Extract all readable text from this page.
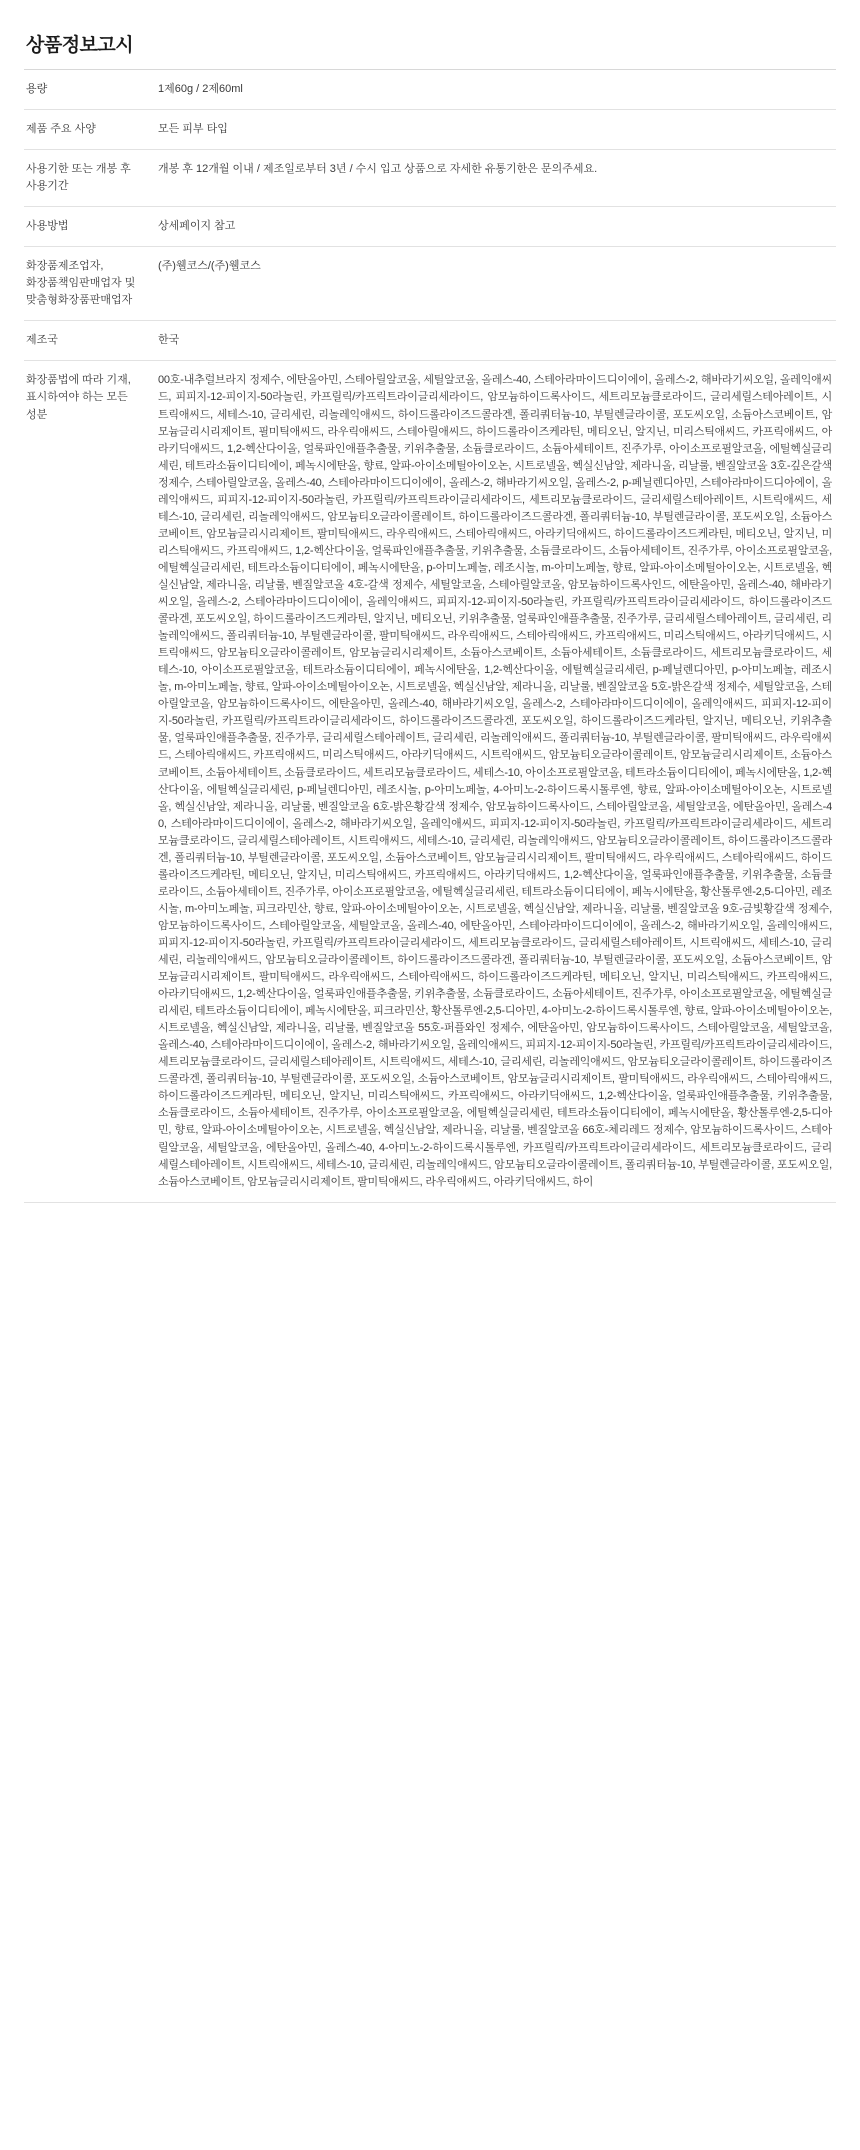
상품정보고시
용량	1제60g / 2제60ml
제품 주요 사양	모든 피부 타입
사용기한 또는 개봉 후 사용기간	개봉 후 12개월 이내 / 제조일로부터 3년 / 수시 입고 상품으로 자세한 유통기한은 문의주세요.
사용방법	상세페이지 참고
화장품제조업자, 화장품책임판매업자 및 맞춤형화장품판매업자	(주)웰코스/(주)웰코스
제조국	한국
화장품법에 따라 기재, 표시하여야 하는 모든 성분	00호-내추럴브라지 정제수, 에탄올아민, 스테아릴알코올, 세틸알코올, 올레스-40, 스테아라마이드디이에이, 올레스-2, 해바라기씨오일, 올레익애씨드, 피피지-12-피이지-50라놀린, 카프릴릭/카프릭트라이글리세라이드, 암모늄하이드록사이드, 세트리모늄클로라이드, 글리세릴스테아레이트, 시트릭애씨드, 세테스-10, 글리세린, 리놀레익애씨드, 하이드롤라이즈드콜라겐, 폴리쿼터늄-10, 부틸렌글라이콜, 포도씨오일, 소듐아스코베이트, 암모늄글리시리제이트, 필미틱애씨드, 라우릭애씨드, 스테아릴애씨드, 하이드롤라이즈케라틴, 메티오닌, 알지닌, 미리스틱애씨드, 카프릭애씨드, 아라키딕애씨드, 1,2-헥산다이올, 얼룩파인애플추출물, 키위추출물, 소듐클로라이드, 소듐아세테이트, 진주가루, 아이소프로필알코올, 에틸헥실글리세린, 테트라소듐이디티에이, 페녹시에탄올, 향료, 알파-아이소메틸아이오논, 시트로넬올, 헥실신남알, 제라니올, 리날룰, 벤질알코올 3호-깊은갈색정제수, 스테아릴알코올, 올레스-40, 스테아라마이드디이에이, 올레스-2, 해바라기씨오일, 올레스-2, p-페닐렌디아민, 스테아라마이드디아에이, 올레익애씨드, 피피지-12-피이지-50라놀린, 카프릴릭/카프릭트라이글리세라이드, 세트리모늄클로라이드, 글리세릴스테아레이트, 시트릭애씨드, 세테스-10, 글리세린, 리놀레익애씨드, 암모늄티오글라이콜레이트, 하이드롤라이즈드콜라겐, 폴리쿼터늄-10, 부틸렌글라이콜, 포도씨오일, 소듐아스코베이트, 암모늄글리시리제이트, 팔미틱애씨드, 라우릭애씨드, 스테아릭애씨드, 아라키딕애씨드, 하이드롤라이즈드케라틴, 메티오닌, 알지닌, 미리스틱애씨드, 카프릭애씨드, 1,2-헥산다이올, 얼룩파인애플추출물, 키위추출물, 소듐클로라이드, 소듐아세테이트, 진주가루, 아이소프로필알코올, 에틸헥실글리세린, 테트라소듐이디티에이, 페녹시에탄올, p-아미노페놀, 레조시놀, m-아미노페놀, 향료, 알파-아이소메틸아이오논, 시트로넬올, 헥실신남알, 제라니올, 리날룰, 벤질알코올 4호-갈색 정제수, 세틸알코올, 스테아릴알코올, 암모늄하이드록사인드, 에탄올아민, 올레스-40, 해바라기씨오일, 올레스-2, 스테아라마이드디이에이, 올레익애씨드, 피피지-12-피이지-50라놀린, 카프릴릭/카프릭트라이글리세라이드, 하이드롤라이즈드콜라겐, 포도씨오일, 하이드롤라이즈드케라틴, 알지닌, 메티오닌, 키위추출물, 얼룩파인애플추출물, 진주가루, 글리세릴스테아레이트, 글리세린, 리놀레익애씨드, 폴리쿼터늄-10, 부틸렌글라이콜, 팔미틱애씨드, 라우릭애씨드, 스테아릭애씨드, 카프릭애씨드, 미리스틱애씨드, 아라키딕애씨드, 시트릭애씨드, 암모늄티오글라이콜레이트, 암모늄글리시리제이트, 소듐아스코베이트, 소듐아세테이트, 소듐클로라이드, 세트리모늄클로라이드, 세테스-10, 아이소프로필알코올, 테트라소듐이디티에이, 페녹시에탄올, 1,2-헥산다이올, 에틸헥실글리세린, p-페닐렌디아민, p-아미노페놀, 레조시놀, m-아미노페놀, 향료, 알파-아이소메틸아이오논, 시트로넬올, 헥실신남알, 제라니올, 리날룰, 벤질알코올 5호-밝은갈색 정제수, 세틸알코올, 스테아릴알코올, 암모늄하이드록사이드, 에탄올아민, 올레스-40, 해바라기씨오일, 올레스-2, 스테아라마이드디이에이, 올레익애씨드, 피피지-12-피이지-50라놀린, 카프릴릭/카프릭트라이글리세라이드, 하이드롤라이즈드콜라겐, 포도씨오일, 하이드롤라이즈드케라틴, 알지닌, 메티오닌, 키위추출물, 얼룩파인애플추출물, 진주가루, 글리세릴스테아레이트, 글리세린, 리놀레익애씨드, 폴리쿼터늄-10, 부틸렌글라이콜, 팔미틱애씨드, 라우릭애씨드, 스테아릭애씨드, 카프릭애씨드, 미리스틱애씨드, 아라키딕애씨드, 시트릭애씨드, 암모늄티오글라이콜레이트, 암모늄글리시리제이트, 소듐아스코베이트, 소듐아세테이트, 소듐클로라이드, 세트리모늄클로라이드, 세테스-10, 아이소프로필알코올, 테트라소듐이디티에이, 페녹시에탄올, 1,2-헥산다이올, 에틸헥실글리세린, p-페닐렌디아민, 레조시놀, p-아미노페놀, 4-아미노-2-하이드록시톨루엔, 향료, 알파-아이소메틸아이오논, 시트로넬올, 헥실신남알, 제라니올, 리날룰, 벤질알코올 6호-밝은황갈색 정제수, 암모늄하이드록사이드, 스테아릴알코올, 세틸알코올, 에탄올아민, 올레스-40, 스테아라마이드디이에이, 올레스-2, 해바라기씨오일, 올레익애씨드, 피피지-12-피이지-50라놀린, 카프릴릭/카프릭트라이글리세라이드, 세트리모늄클로라이드, 글리세릴스테아레이트, 시트릭애씨드, 세테스-10, 글리세린, 리놀레익애씨드, 암모늄티오글라이콜레이트, 하이드롤라이즈드콜라겐, 폴리쿼터늄-10, 부틸렌글라이콜, 포도씨오일, 소듐아스코베이트, 암모늄글리시리제이트, 팔미틱애씨드, 라우릭애씨드, 스테아릭애씨드, 하이드롤라이즈드케라틴, 메티오닌, 알지닌, 미리스틱애씨드, 카프릭애씨드, 아라키딕애씨드, 1,2-헥산다이올, 얼룩파인애플추출물, 키위추출물, 소듐클로라이드, 소듐아세테이트, 진주가루, 아이소프로필알코올, 에틸헥실글리세린, 테트라소듐이디티에이, 페녹시에탄올, 황산톨루엔-2,5-디아민, 레조시놀, m-아미노페놀, 피크라민산, 향료, 알파-아이소메틸아이오논, 시트로넬올, 헥실신남알, 제라니올, 리날룰, 벤질알코올 9호-금빛황갈색 정제수, 암모늄하이드록사이드, 스테아릴알코올, 세틸알코올, 올레스-40, 에탄올아민, 스테아라마이드디이에이, 올레스-2, 해바라기씨오일, 올레익애씨드, 피피지-12-피이지-50라놀린, 카프릴릭/카프릭트라이글리세라이드, 세트리모늄클로라이드, 글리세릴스테아레이트, 시트릭애씨드, 세테스-10, 글리세린, 리놀레익애씨드, 암모늄티오글라이콜레이트, 하이드롤라이즈드콜라겐, 폴리쿼터늄-10, 부틸렌글라이콜, 포도씨오일, 소듐아스코베이트, 암모늄글리시리제이트, 팔미틱애씨드, 라우릭애씨드, 스테아릭애씨드, 하이드롤라이즈드케라틴, 메티오닌, 알지닌, 미리스틱애씨드, 카프릭애씨드, 아라키딕애씨드, 1,2-헥산다이올, 얼룩파인애플추출물, 키위추출물, 소듐클로라이드, 소듐아세테이트, 진주가루, 아이소프로필알코올, 에틸헥실글리세린, 테트라소듐이디티에이, 페녹시에탄올, 피크라민산, 황산톨루엔-2,5-디아민, 4-아미노-2-하이드록시톨루엔, 향료, 알파-아이소메틸아이오논, 시트로넬올, 헥실신남알, 제라니올, 리날룰, 벤질알코올 55호-퍼플와인 정제수, 에탄올아민, 암모늄하이드록사이드, 스테아릴알코올, 세틸알코올, 올레스-40, 스테아라마이드디이에이, 올레스-2, 해바라기씨오일, 올레익애씨드, 피피지-12-피이지-50라놀린, 카프릴릭/카프릭트라이글리세라이드, 세트리모늄클로라이드, 글리세릴스테아레이트, 시트릭애씨드, 세테스-10, 글리세린, 리놀레익애씨드, 암모늄티오글라이콜레이트, 하이드롤라이즈드콜라겐, 폴리쿼터늄-10, 부틸렌글라이콜, 포도씨오일, 소듐아스코베이트, 암모늄글리시리제이트, 팔미틱애씨드, 라우릭애씨드, 스테아릭애씨드, 하이드롤라이즈드케라틴, 메티오닌, 알지닌, 미리스틱애씨드, 카프릭애씨드, 아라키딕애씨드, 1,2-헥산다이올, 얼룩파인애플추출물, 키위추출물, 소듐클로라이드, 소듐아세테이트, 진주가루, 아이소프로필알코올, 에틸헥실글리세린, 테트라소듐이디티에이, 페녹시에탄올, 황산톨루엔-2,5-디아민, 향료, 알파-아이소메틸아이오논, 시트로넬올, 헥실신남알, 제라니올, 리날룰, 벤질알코올 66호-체리레드 정제수, 암모늄하이드록사이드, 스테아릴알코올, 세틸알코올, 에탄올아민, 올레스-40, 4-아미노-2-하이드록시톨루엔, 카프릴릭/카프릭트라이글리세라이드, 세트리모늄클로라이드, 글리세릴스테아레이트, 시트릭애씨드, 세테스-10, 글리세린, 리놀레익애씨드, 암모늄티오글라이콜레이트, 폴리쿼터늄-10, 부틸렌글라이콜, 포도씨오일, 소듐아스코베이트, 암모늄글리시리제이트, 팔미틱애씨드, 라우릭애씨드, 아라키딕애씨드, 하이
